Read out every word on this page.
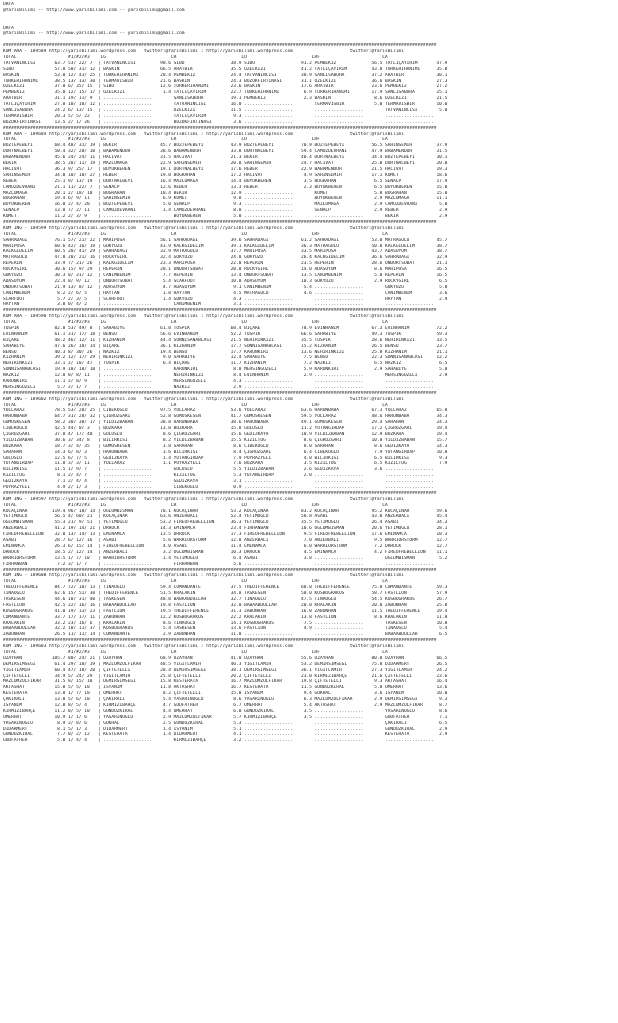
URFA
@YarisBilimi -- http://www.yarisbilimi.com -- yarisbilimi@gmail.com
URFA
@YarisBilimi -- http://www.yarisbilimi.com -- yarisbilimi@gmail.com
################################################################################################################################################################
KUM ARA - 189589 http://yarisbilimi.wordpress.com   twitter:@YarisBilimi : http://yarisbilimi.wordpress.com                     twitter:@YarisBilimi
TOTAL                   #1/#2/#3    LG                        LR                        LO                        LRF                       LA
TATVANINCISI       63.7 53/ 22/ 7  | TATVANINCISI         98.6 SIBO                 38.9 SIBO                 91.2 PEMBEKIZ             56.5 TATLIÇAYIRIM       47.9
SIBO               57.8 50/ 31/ 12 | BASKIN               66.5 ARATBIR              35.5 ÖZELKIZI             41.2 TATLIÇAYIRIM         43.8 TÜRKERIHANIMI      35.0
BASKIN             53.0 12/ 43/ 25 | TÜRKERIHANIMI        28.4 PEMBEKIZ             24.4 TATVANINCISI         38.9 SANLISABUHA          37.2 ARATBIR            30.1
TÜRKERIHANIMI      38.5 13/ 13/ 30 | TERMAVISBIR          21.6 BASKIN               24.3 BOZOKFIRTINASI       31.1 ÖZELKIZI             36.6 BASKIN             27.3
ÖZELKIZI           37.0 6/ 35/ 15  | SIBO                 12.6 TÜRKERIHANIMI        23.6 BASKIN               17.6 ARATBIR              23.6 PEMBEKIZ           27.2
PEMBEKIZ           35.0 12/ 15/ 17 | ÖZELKIZI              1.4 TATLIÇAYIRIM         22.7 TÜRKERIHANIMI         6.9 TÜRKERIHANIMI        17.9 SANLISABUHA        25.1
ARATBIR            31.1 19/ 11/ 9  | ..................        SANLISABUHA          19.1 PEMBEKIZ              2.3 BASKIN                8.6 ÖZELKIZI           21.5
TATLIÇAYIRIM       27.0 10/ 10/ 12 | ..................        TATVANINCISI         16.0 ..................        TERMAVISBIR           5.0 TERMAVISBIR        10.0
SANLISABUHA        24.2 6/ 13/ 15  | ..................        ÖZELKIZI             11.5 ..................        ..................        TATVANINCISI        5.0
TERMAVISBIR        20.3 5/ 5/ 22   | ..................        TATLIÇAYIRIM          9.3 ..................        ..................        ..................
BOZOKFIRTINASI     13.5 2/ 1/ 26   | ..................        BOZOKFIRTINASI        3.6 ..................        ..................        ..................
################################################################################################################################################################
KUM ARA - 189604 http://yarisbilimi.wordpress.com   twitter:@YarisBilimi : http://yarisbilimi.wordpress.com                     twitter:@YarisBilimi
TOTAL                   #1/#2/#3    LG                        LR                        LO                        LRF                       LA
BOZTEPEBEYI        68.4 48/ 31/ 19 | BEKIR                45.7 BOZTEPEBEYI          43.9 BOZTEPEBEYI          70.9 BOZTEPEBEYI          56.5 SAHINSEMIH         37.9
DORTNALBEYI        50.4 32/ 28/ 10 | BABAMENDUH           38.6 BABAMENDUH           33.8 DÖRTNALBEYI          59.4 CAMUZDEVRANI         47.9 BABAMENDUH         31.5
BABAMENDUH         45.6 24/ 24/ 11 | HACIVAT              31.5 HACIVAT              21.3 BEKIR                40.4 DÖRTNALBEYI          34.4 BOZTEPEBEYI        30.1
BEKIR              38.5 28/ 11/ 19 | MAZLUMAGA            22.9 SAHINSEMIH           20.8 SAHINSEMIH           24.7 HACIVAT              25.0 DÖRTNALBEYI        20.0
HACIVAT            36.3 9/ 25/ 17  | BÜYÜKBEREN           19.1 DÖRTNALBEYI          17.6 REBER                22.9 BABAMENDUH           21.5 HACIVAT            19.3
SAHINSEMIH         34.0 10/ 18/ 27 | REBER                19.0 BUGRAHAN             17.2 HACIVAT               4.9 SAHINSEMIH           17.1 KOMET              18.6
REBER              25.1 9/ 13/ 19  | DÖRTNALBEYI          16.4 MAZLUMAGA            14.4 BÜYÜKBEREN            3.5 BUGRAHAN              6.5 SENALP             17.9
CAMUZDEVRANI       21.1 11/ 22/ 7  | SENALP               12.6 REBER                13.3 REBER                 2.3 BÜYÜKBEREN            6.5 BÜYÜKBEREN         15.0
MAZLUMAGA          20.1 2/ 18/ 10  | BUGRAHAN             10.4 BEKIR                12.9 ..................        KOMET                 5.8 BUGRAHAN           15.0
BUGRAHAN           19.4 6/ 9/ 11   | SAHINSEMIH            6.9 KOMET                 9.8 ..................        BÜYÜKBEREN            2.9 MAZLUMAGA          11.1
BÜYÜKBEREN         16.0 2/ 4/ 20   | BOZTEPEBEYI           5.0 SENALP                9.3 ..................        MAZLUMAGA             2.9 CAMUZDEVRANI        5.0
SENALP             13.0 7/ 2/ 11   | CAMUZDEVRANI          1.4 CAMUZDEVRANI          8.8 ..................        SENALP                2.9 REBER               2.9
KOMET              11.2 2/ 3/ 9    | ..................        BÜYÜKBEREN            5.0 ..................        ..................        BEKIR               2.9
################################################################################################################################################################
KUM ING - 189599 http://yarisbilimi.wordpress.com   twitter:@YarisBilimi : http://yarisbilimi.wordpress.com                     twitter:@YarisBilimi
TOTAL                   #1/#2/#3    LG                        LR                        LO                        LRF                       LA
SAHRADAGI          76.1 57/ 21/ 22 | MARIPOSA             56.1 SAHRADAGI            39.6 SAHRADAGI            61.2 SAHRADAGI            53.0 MATRAGÜLÜ          45.7
MARIPOSA           60.6 42/ 16/ 19 | GÖKYÜZÜ              43.9 KALKGIDELIM          39.1 KALKGIDELIM          36.3 MATRAGÜLÜ            50.8 KALKGIDELIM        38.7
KALKGIDELIM        60.5 20/ 41/ 29 | SAHRADAGI            32.9 MATRAGÜLÜ            37.7 MARIPOSA             33.5 MARIPOSA             43.7 ADASUYUM           38.7
MATRAGÜLÜ          47.0 20/ 21/ 16 | ROCKYGIRL            32.4 GÖKYÜZÜ              24.8 GÖKYÜZÜ              26.4 KALKGIDELIM          36.6 SAHRADAGI          32.9
REPERIN            33.9 7/ 21/ 26  | KALKGIDELIM          23.3 MARIPOSA             22.0 REPERIN              23.5 REPERIN              28.6 ONDÖRTSUBAT        21.1
ROCKYGIRL          30.6 15/ 9/ 29  | REPERIN              20.1 ONDÖRTSUBAT          20.8 ROCKYGIRL            14.0 ADASUYUM              8.6 MARIPOSA           16.5
GÖKYÜZÜ            30.3 8/ 31/ 12  | CANIMBENIM            7.7 REPERIN              13.4 ONDÖRTSUBAT          13.5 CANIMBENIM            5.0 REPERIN            16.5
ADASUYUM           22.4 8/ 9/ 12   | ONDÖRTSUBAT           5.4 SCARFOOT             10.8 ADASUYUM             10.3 GÖKYÜZÜ               2.9 ROCKYGIRL           6.5
ONDÖRTSUBAT        21.9 13/ 8/ 12  | ADASUYUM              4.7 ADASUYUM              9.1 CANIMBENIM            5.4 ..................        GÖKYÜZÜ             5.8
CANIMBENIM          8.2 2/ 6/ 5    | HAYTAN                1.8 HAYTAN                4.5 MATRAGÜLÜ             4.6 ..................        CANIMBENIM          3.6
SCARFOOT            5.7 2/ 3/ 5    | SCARFOOT              1.4 GÖKYÜZÜ               4.3 ..................        ..................        HAYTAN              2.9
HAYTAN              3.8 0/ 4/ 2    | ..................        CANIMBENIM            3.1 ..................        ..................        ..................
################################################################################################################################################################
KUM ARA - 189590 http://yarisbilimi.wordpress.com   twitter:@YarisBilimi : http://yarisbilimi.wordpress.com                     twitter:@YarisBilimi
TOTAL                   #1/#2/#3    LG                        LR                        LO                        LRF                       LA
TOSPIK             82.8 53/ 49/ 8  | SAHABIYE             61.8 TOSPIK               68.4 BIÇARE               78.9 EVINHANIM            67.3 EVINHANIM          72.2
EVINHANIM          61.1 31/ 17/ 18 | BENSU                56.6 EVINHANIM            52.2 TOSPIK               66.6 SAHABIYE             49.3 TOSPIK             59.3
BIÇARE             48.2 46/ 12/ 11 | KIZHANIM             44.4 SONNISANABLASI       21.5 NEHIRINKIZI          35.5 TOSPIK               28.6 NEHIRINKIZI        33.5
SAHABIYE           47.6 26/ 18/ 14 | BIÇARE               36.1 KIZHANIM             17.7 SONNISANABLASI       15.2 KIZHANIM             26.5 BENSU              23.7
BENSU              40.3 8/ 30/ 26  | NAZKIZ               19.4 BENSU                17.7 KARUNKIRI            13.6 NEHIRINKIZI          25.8 KIZHANIM           21.1
KIZHANIM           39.2 12/ 17/ 29 | NEHIRINKIZI           9.0 SAHABIYE             12.4 SAHABIYE              7.5 BENSU                22.3 SONNISANABLASI     12.2
NEHIRINKIZI        33.1 2/ 10/ 47  | TOSPIK                6.4 BIÇARE               11.7 KIZHANIM              7.2 NAZKIZ                6.5 NAZKIZ              6.5
SONNISANABLASI     19.9 10/ 10/ 10 | ..................        KARUNKIRI             8.8 MERSINGÜZELI          5.9 KARUNKIRI             2.9 SAHABIYE            5.8
NAZKIZ             12.0 0/ 8/ 11   | ..................        NEHIRINKIZI           8.4 EVINHANIM             2.9 ..................        MERSINGÜZELI        2.9
KARUNKIRI          11.1 2/ 8/ 9    | ..................        MERSINGÜZELI          4.3 ..................        ..................        ..................
MERSINGÜZELI        5.7 2/ 1/ 7    | ..................        NAZKIZ                2.9 ..................        ..................        ..................
################################################################################################################################################################
KUM ING - 189602 http://yarisbilimi.wordpress.com   twitter:@YarisBilimi : http://yarisbilimi.wordpress.com                     twitter:@YarisBilimi
TOTAL                   #1/#2/#3    LG                        LR                        LO                        LRF                       LA
YOLLARAZ           78.5 53/ 28/ 25 | CIBEKOGLU            97.5 YOLLARAZ             53.6 YOLLARAZ             63.6 HARUNBABA            67.3 YOLLARAZ           65.8
HARUNBABA          64.7 31/ 28/ 32 | ÇIGRÜZGARI           52.8 GÜMÜSKESEN           41.7 GÜMÜSKESEN           59.5 YOLLARAZ             48.6 HARUNBABA          34.3
GÜMÜSKESEN         58.2 30/ 38/ 17 | YILDIZBABAN          38.8 HARUNBABA            38.6 HARUNBABA            49.1 GÜMÜSKESEN           29.4 SARAHAN            24.3
CIBEKOGLU          42.5 44/ 0/ 3   | BOZKARA              13.0 BOZKARA              15.8 GÜLÜSLÜ              11.2 YUTANGIRDAP          17.2 ÇIGRÜZGARI         19.4
ÇIGRÜZGARI         37.0 4/ 17/ 40  | GÜLÜSLÜ               8.6 ÇIGRÜZGARI           15.6 GEDIZKAYA            10.9 YILDIZBABAN          12.9 BOZKARA            19.4
YILDIZBABAN        30.6 3/ 34/ 8   | BILIRKISI             8.2 YILDIZBABAN          15.5 KIZILTUG              8.6 ÇIGRÜZGARI           10.8 YILDIZBABAN        15.7
BOZKARA            18.7 3/ 4/ 35   | GÜMÜSKESEN            3.8 SARAHAN               8.6 CIBEKOGLU             8.0 SARAHAN               8.6 GEDIZKAYA          14.3
SARAHAN            14.3 6/ 8/ 3    | HARUNBABA             3.6 BILIRKISI             8.4 ÇIGRÜZGARI            6.4 CIBEKOGLU             7.9 YUTANGIRDAP        10.8
GÜLÜSLÜ            12.5 6/ 7/ 5    | GEDIZKAYA             1.4 YUTANGIRDAP           7.9 POYRAZYELI            4.0 BILIRKISI             6.5 BILIRKISI           9.3
YUTANGIRDAP        11.8 3/ 3/ 11   | YOLLARAZ              1.1 POYRAZYELI            7.6 BOZKARA               3.5 KIZILTUG              6.5 KIZILTUG            7.9
BILIRKISI          11.5 1/ 9/ 7    | ..................        GÜLÜSLÜ               5.5 YILDIZBABAN           2.6 GEDIZKAYA             3.6 ..................
KIZILTUG            8.1 2/ 4/ 7    | ..................        KIZILTUG              5.3 YUTANGIRDAP           2.0 ..................        ..................
GEDIZKAYA           7.1 2/ 4/ 4    | ..................        GEDIZKAYA             3.1 ..................        ..................        ..................
POYRAZYELI          4.9 2/ 1/ 3    | ..................        CIBEKOGLU             0.9 ..................        ..................        ..................
################################################################################################################################################################
KUM ING - 189597 http://yarisbilimi.wordpress.com   twitter:@YarisBilimi : http://yarisbilimi.wordpress.com                     twitter:@YarisBilimi
TOTAL                   #1/#2/#3    LG                        LR                        LO                        LRF                       LA
KOCAÇINAR         119.4 96/ 18/ 14 | OGLUMBISMAN          70.1 KOCAÇINAR            53.2 KOCAÇINAR            83.2 KOCAÇINAR            95.2 KOCAÇINAR          59.6
YETIMOGLU          56.5 4/ 60/ 21  | KOCAÇINAR            63.6 ANZERBALI            52.4 YETIMOGLU            58.8 ASABI                43.0 ANZERBALI          45.4
OGLUMBISMAN        55.3 21/ 9/ 51  | YETIMOGLU            53.2 FIREOFREBELLION      36.3 YETIMOGLU            35.5 YETIMOGLU            26.4 ASABI              34.3
ANZERBALI          41.2 19/ 14/ 21 | DRROCK               14.3 EMINAMCA             23.4 FIRHANBAN            10.6 OGLUMBISMAN          20.6 YETIMOGLU          28.1
FIREOFREBELLION    32.0 13/ 14/ 13 | EMINAMCA             13.5 DRROCK               17.3 FIREOFREBELLION       9.5 FIREOFREBELLION      17.6 EMINAMCA           18.3
ASABI              28.7 6/ 12/ 16  | ASABI                 5.6 WARRIORSTORM         12.8 ANZERBALI             7.0 ANZERBALI             9.5 WARRIORSTORM       12.7
EMINAMCA           26.3 6/ 15/ 14  | FIREOFREBELLION       4.0 ASABI                11.4 EMINAMCA              6.0 WARRIORSTORM          7.2 DRROCK             12.7
DRROCK             18.5 2/ 12/ 14  | ANZERBALI             3.2 OGLUMBISMAN          10.3 DRROCK                4.5 EMINAMCA              4.2 FIREOFREBELLION    11.1
WARRIORSTORM       13.5 1/ 7/ 10   | WARRIORSTORM          1.4 YETIMOGLU             6.4 ASABI                 3.8 ..................        OGLUMBISMAN         5.2
FIRHANBAN           7.2 3/ 1/ 7    | ..................        FIRHANBAN             5.6 ..................        ..................        ..................
################################################################################################################################################################
KUM ING - 189600 http://yarisbilimi.wordpress.com   twitter:@YarisBilimi : http://yarisbilimi.wordpress.com                     twitter:@YarisBilimi
TOTAL                   #1/#2/#3    LG                        LR                        LO                        LRF                       LA
THEDIFFERENCE      84.7 72/ 18/ 13 | TINAOGLU             59.4 COMANDANTE           37.5 THEDIFFERENCE        68.0 THEDIFFERENCE        75.8 COMANDANTE         59.3
TINAOGLU           62.6 15/ 51/ 30 | THEDIFFERENCE        51.5 KRALAKIN             34.8 TASKESEN             50.0 KOSBUGRAKOS          58.7 FASTLION           57.9
TASKESEN           44.6 10/ 31/ 40 | TASKESEN             48.8 BABAABDULLAH         32.7 TINAOGLU             47.5 TINAOGLU             54.5 KOSBUGRAKOS        26.7
FASTLION           42.5 22/ 16/ 16 | BABAABDULLAH         19.8 FASTLION             32.0 BABAABDULLAH         20.0 KRALAKIN             20.0 ZABUNHAN           25.8
KOSBUGRAKOS        41.0 19/ 13/ 23 | FASTLION             19.5 THEDIFFERENCE        31.3 ZABUNHAN             16.0 ZABUNHAN             11.5 THEDIFFERENCE      19.4
COMANDANTE         33.7 17/ 17/ 11 | ZABUNHAN             12.2 KOSBUGRAKOS          22.2 KRALAKIN             13.8 FASTLION              8.6 KRALAKIN           11.8
KRALAKIN           33.2 23/ 16/ 6  | KRALAKIN              8.6 TINAOGLU             14.1 KOSBUGRAKOS           7.5 ..................        TASKESEN           10.8
BABAABDULLAH       32.2 10/ 11/ 37 | KOSBUGRAKOS           5.4 TASKESEN             13.6 FASTLION              4.9 ..................        TINAOGLU            5.4
ZABUNHAN           26.5 11/ 11/ 14 | COMANDANTE            2.9 ZABUNHAN             11.0 ..................        ..................        BABAABDULLAH        6.5
################################################################################################################################################################
KUM ING - 189603 http://yarisbilimi.wordpress.com   twitter:@YarisBilimi : http://yarisbilimi.wordpress.com                     twitter:@YarisBilimi
TOTAL                   #1/#2/#3    LG                        LR                        LO                        LRF                       LA
UZAYHAN           105.7 80/ 24/ 21 | UZAYHAN              68.9 UZAYHAN              41.0 UZAYHAN              55.6 UZAYHAN              80.0 UZAYHAN            66.5
DEMIRSIMSEGI       61.4 29/ 18/ 19 | MAZLUMZÜLFIKAR       48.5 YIGITLAMIH           40.3 YIGITLAMIH           53.2 DEMIRSIMSEGI         75.8 DIDARMERT          26.5
YIGITLAMIH         60.4 47/ 18/ 20 | ÇIFTETELLI           28.4 DEMIRSIMSEGI         38.1 DEMIRSIMSEGI         36.1 YIGITLAMIH           27.3 YIGITLAMIH         24.2
ÇIFTETELLI         34.9 5/ 24/ 29  | YIGITLAMIH           25.8 ÇIFTETELLI           20.2 ÇIFTETELLI           23.0 KIRMIZIBAHÇE         21.6 ÇIFTETELLI         23.6
MAZLUMZÜLFIKAR     31.5 8/ 15/ 18  | DEMIRSIMSEGI         15.8 KESTERATA            16.7 MAZLUMZÜLFIKAR       19.8 ÇIFTETELLI            9.3 AKTASHAT           16.4
AKTASHAT           15.0 5/ 5/ 10   | ISYANIM              11.8 AKTASHAT             16.7 KESTERATA            11.5 GÜNDÜZKIRAL           5.8 ÖMERHAT            13.6
KESTERATA          13.8 1/ 7/ 10   | ÖMERHAT               8.2 ÇIFTETELLI           15.8 ISYANIM               9.4 GÖKHAL                3.6 ISYANIM            10.0
ÇAKIRALI           13.0 5/ 6/ 10   | ÇAKIRALI              5.4 YASARINOGLU           8.6 YASARINOGLU           6.3 MAZLUMZÜLFIKAR        2.9 DEMIRSIMSEGI        9.3
ISYANIM            12.0 8/ 5/ 4    | KIRMIZIBAHÇE          4.7 GODFATHER             6.7 ÖMERHAT               5.4 AKTASHAT              2.9 MAZLUMZÜLFIKAR      8.7
KIRMIZIBAHÇE       11.2 0/ 5/ 10   | GÜNDÜZKIRAL           4.4 ÖMERHAT               6.0 GÜNDÜZKIRAL           3.5 ..................        YASARINOGLU         8.6
ÖMERHAT            10.9 1/ 1/ 6    | YASARINOGLU           2.9 MAZLUMZÜLFIKAR        5.7 KIRMIZIBAHÇE          3.5 ..................        GODFATHER           7.1
YASARINOGLU         8.9 2/ 8/ 6    | GÖKHAL                2.5 GÜNDÜZKIRAL           5.3 ..................        ..................        ÇAKIRALI            6.5
DIDARMERT           8.1 5/ 1/ 3    | DIDARMERT             1.4 ISYANIM               5.1 ..................        ..................        GÜNDÜZKIRAL         2.9
GÜNDÜZKIRAL         7.7 0/ 2/ 12   | KESTERATA             1.4 DIDARMERT             4.1 ..................        ..................        KESTERATA           2.9
GODFATHER           5.8 1/ 4/ 4    | ..................        KIRMIZIBAHÇE          3.2 ..................        ..................        ..................
